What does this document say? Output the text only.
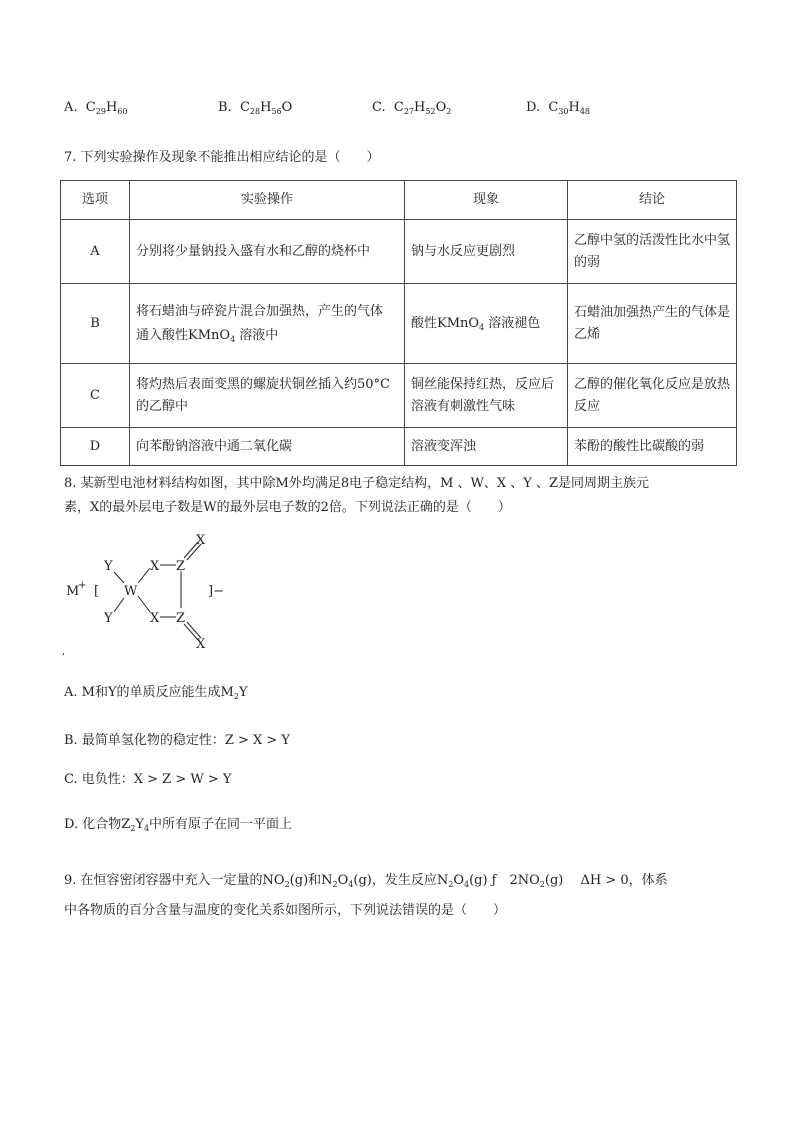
A.  $C_{29}H_{60}$	B.  $C_{28}H_{56}O$	C.  $C_{27}H_{52}O_2$	D.  $C_{30}H_{48}$
7. 下列实验操作及现象不能推出相应结论的是（　　）
选项	实验操作	现象	结论
A	分别将少量钠投入盛有水和乙醇的烧杯中	钠与水反应更剧烈	乙醇中氢的活泼性比水中氢的弱
B	将石蜡油与碎瓷片混合加强热，产生的气体
通入酸性KMnO$_4$ 溶液中	酸性KMnO$_4$ 溶液褪色	石蜡油加强热产生的气体是乙烯
C	将灼热后表面变黑的螺旋状铜丝插入约50°C的乙醇中	铜丝能保持红热，反应后溶液有刺激性气味	乙醇的催化氧化反应是放热反应
D	向苯酚钠溶液中通二氧化碳	溶液变浑浊	苯酚的酸性比碳酸的弱
8. 某新型电池材料结构如图，其中除M外均满足8电子稳定结构，M 、W、X 、Y 、Z是同周期主族元
素，X的最外层电子数是W的最外层电子数的2倍。下列说法正确的是（　　）
M
+ [
Y
Y
W
X
X
Z
Z
X
X
]−
,
A. M和Y的单质反应能生成$M_2Y$
B. 最简单氢化物的稳定性：Z > X > Y
C. 电负性：X > Z > W > Y
D. 化合物$Z_2Y_4$中所有原子在同一平面上
9. 在恒容密闭容器中充入一定量的$NO_2(g)$和$N_2O_4(g)$，发生反应$N_2O_4(g)$ ƒ　$2NO_2(g)$　 ΔH > 0，体系
中各物质的百分含量与温度的变化关系如图所示，下列说法错误的是（　　）
